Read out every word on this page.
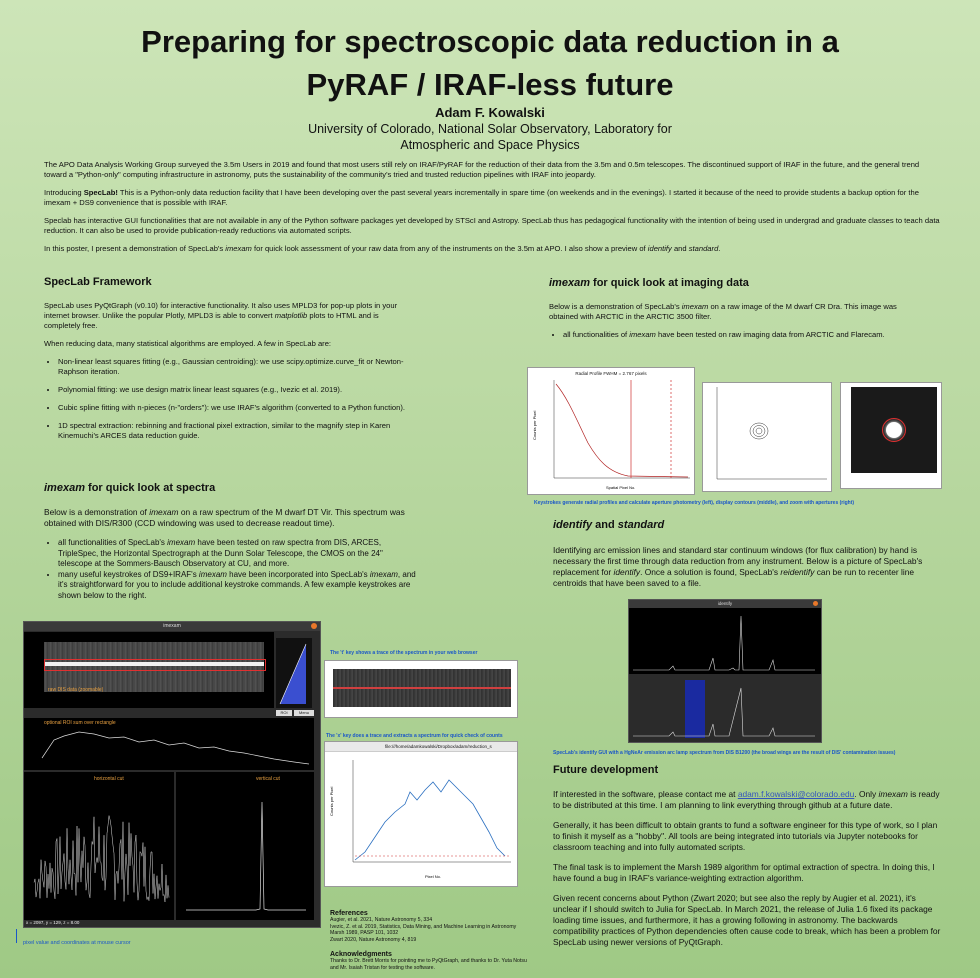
Preparing for spectroscopic data reduction in a
PyRAF / IRAF-less future
Adam F. Kowalski
University of Colorado, National Solar Observatory, Laboratory for
Atmospheric and Space Physics

The APO Data Analysis Working Group surveyed the 3.5m Users in 2019 and found that most users still rely on IRAF/PyRAF for the reduction of their data from the 3.5m and 0.5m telescopes. The discontinued support of IRAF in the future, and the general trend toward a "Python-only" computing infrastructure in astronomy, puts the sustainability of the community's tried and trusted reduction pipelines with IRAF into jeopardy.

Introducing SpecLab! This is a Python-only data reduction facility that I have been developing over the past several years incrementally in spare time (on weekends and in the evenings). I started it because of the need to provide students a backup option for the imexam + DS9 convenience that is possible with IRAF.

Speclab has interactive GUI functionalities that are not available in any of the Python software packages yet developed by STScI and Astropy. SpecLab thus has pedagogical functionality with the intention of being used in undergrad and graduate classes to teach data reduction. It can also be used to provide publication-ready reductions via automated scripts.

In this poster, I present a demonstration of SpecLab's imexam for quick look assessment of your raw data from any of the instruments on the 3.5m at APO. I also show a preview of identify and standard.

SpecLab Framework

SpecLab uses PyQtGraph (v0.10) for interactive functionality. It also uses MPLD3 for pop-up plots in your internet browser. Unlike the popular Plotly, MPLD3 is able to convert matplotlib plots to HTML and is completely free.

When reducing data, many statistical algorithms are employed. A few in SpecLab are:

• Non-linear least squares fitting (e.g., Gaussian centroiding): we use scipy.optimize.curve_fit or Newton-Raphson iteration.
• Polynomial fitting: we use design matrix linear least squares (e.g., Ivezic et al. 2019).
• Cubic spline fitting with n-pieces (n-"orders"): we use IRAF's algorithm (converted to a Python function).
• 1D spectral extraction: rebinning and fractional pixel extraction, similar to the magnify step in Karen Kinemuchi's ARCES data reduction guide.
imexam for quick look at spectra

Below is a demonstration of imexam on a raw spectrum of the M dwarf DT Vir. This spectrum was obtained with DIS/R300 (CCD windowing was used to decrease readout time).

• all functionalities of SpecLab's imexam have been tested on raw spectra from DIS, ARCES, TripleSpec, the Horizontal Spectrograph at the Dunn Solar Telescope, the CMOS on the 24" telescope at the Sommers-Bausch Observatory at CU, and more.
• many useful keystrokes of DS9+IRAF's imexam have been incorporated into SpecLab's imexam, and it's straightforward for you to include additional keystroke commands. A few example keystrokes are shown below to the right.
imexam
raw DIS data (zoomable)
ROI	Menu
optional ROI sum over rectangle
horizontal cut	vertical cut
x = 2097, y = 129, z = 8.00
pixel value and coordinates at mouse cursor
The 't' key shows a trace of the spectrum in your web browser
The 'x' key does a trace and extracts a spectrum for quick check of counts
file:///home/adamkowalski/Dropbox/adam/reduction_s
Counts per Pixel
Pixel No.
References
Augier, et al. 2021, Nature Astronomy 5, 334
Ivezic, Z. et al. 2019, Statistics, Data Mining, and Machine Learning in Astronomy
Marsh 1989, PASP 101, 1032
Zwart 2020, Nature Astronomy 4, 819
Acknowledgments
Thanks to Dr. Brett Morris for pointing me to PyQtGraph, and thanks to Dr. Yuta Notsu
and Mr. Isaiah Tristan for testing the software.
imexam for quick look at imaging data

Below is a demonstration of SpecLab's imexam on a raw image of the M dwarf CR Dra. This image was obtained with ARCTIC in the ARCTIC 3500 filter.

• all functionalities of imexam have been tested on raw imaging data from ARCTIC and Flarecam.
Radial Profile FWHM = 2.767 pixels
Counts per Pixel
Spatial Pixel No.
Keystrokes generate radial profiles and calculate aperture photometry (left), display contours (middle), and zoom with apertures (right)
identify and standard

Identifying arc emission lines and standard star continuum windows (for flux calibration) by hand is necessary the first time through data reduction from any instrument. Below is a picture of SpecLab's replacement for identify. Once a solution is found, SpecLab's reidentify can be run to recenter line centroids that have been saved to a file.

identify
SpecLab's identify GUI with a HgNeAr emission arc lamp spectrum from DIS B1200 (the broad wings are the result of DIS' contamination issues)
Future development

If interested in the software, please contact me at adam.f.kowalski@colorado.edu. Only imexam is ready to be distributed at this time. I am planning to link everything through github at a future date.

Generally, it has been difficult to obtain grants to fund a software engineer for this type of work, so I plan to finish it myself as a "hobby". All tools are being integrated into tutorials via Jupyter notebooks for classroom teaching and into fully automated scripts.

The final task is to implement the Marsh 1989 algorithm for optimal extraction of spectra. In doing this, I have found a bug in IRAF's variance-weighting extraction algorithm.

Given recent concerns about Python (Zwart 2020; but see also the reply by Augier et al. 2021), it's unclear if I should switch to Julia for SpecLab. In March 2021, the release of Julia 1.6 fixed its package loading time issues, and furthermore, it has a growing following in astronomy. The backwards compatibility practices of Python dependencies often cause code to break, which has been a problem for SpecLab using newer versions of PyQtGraph.
